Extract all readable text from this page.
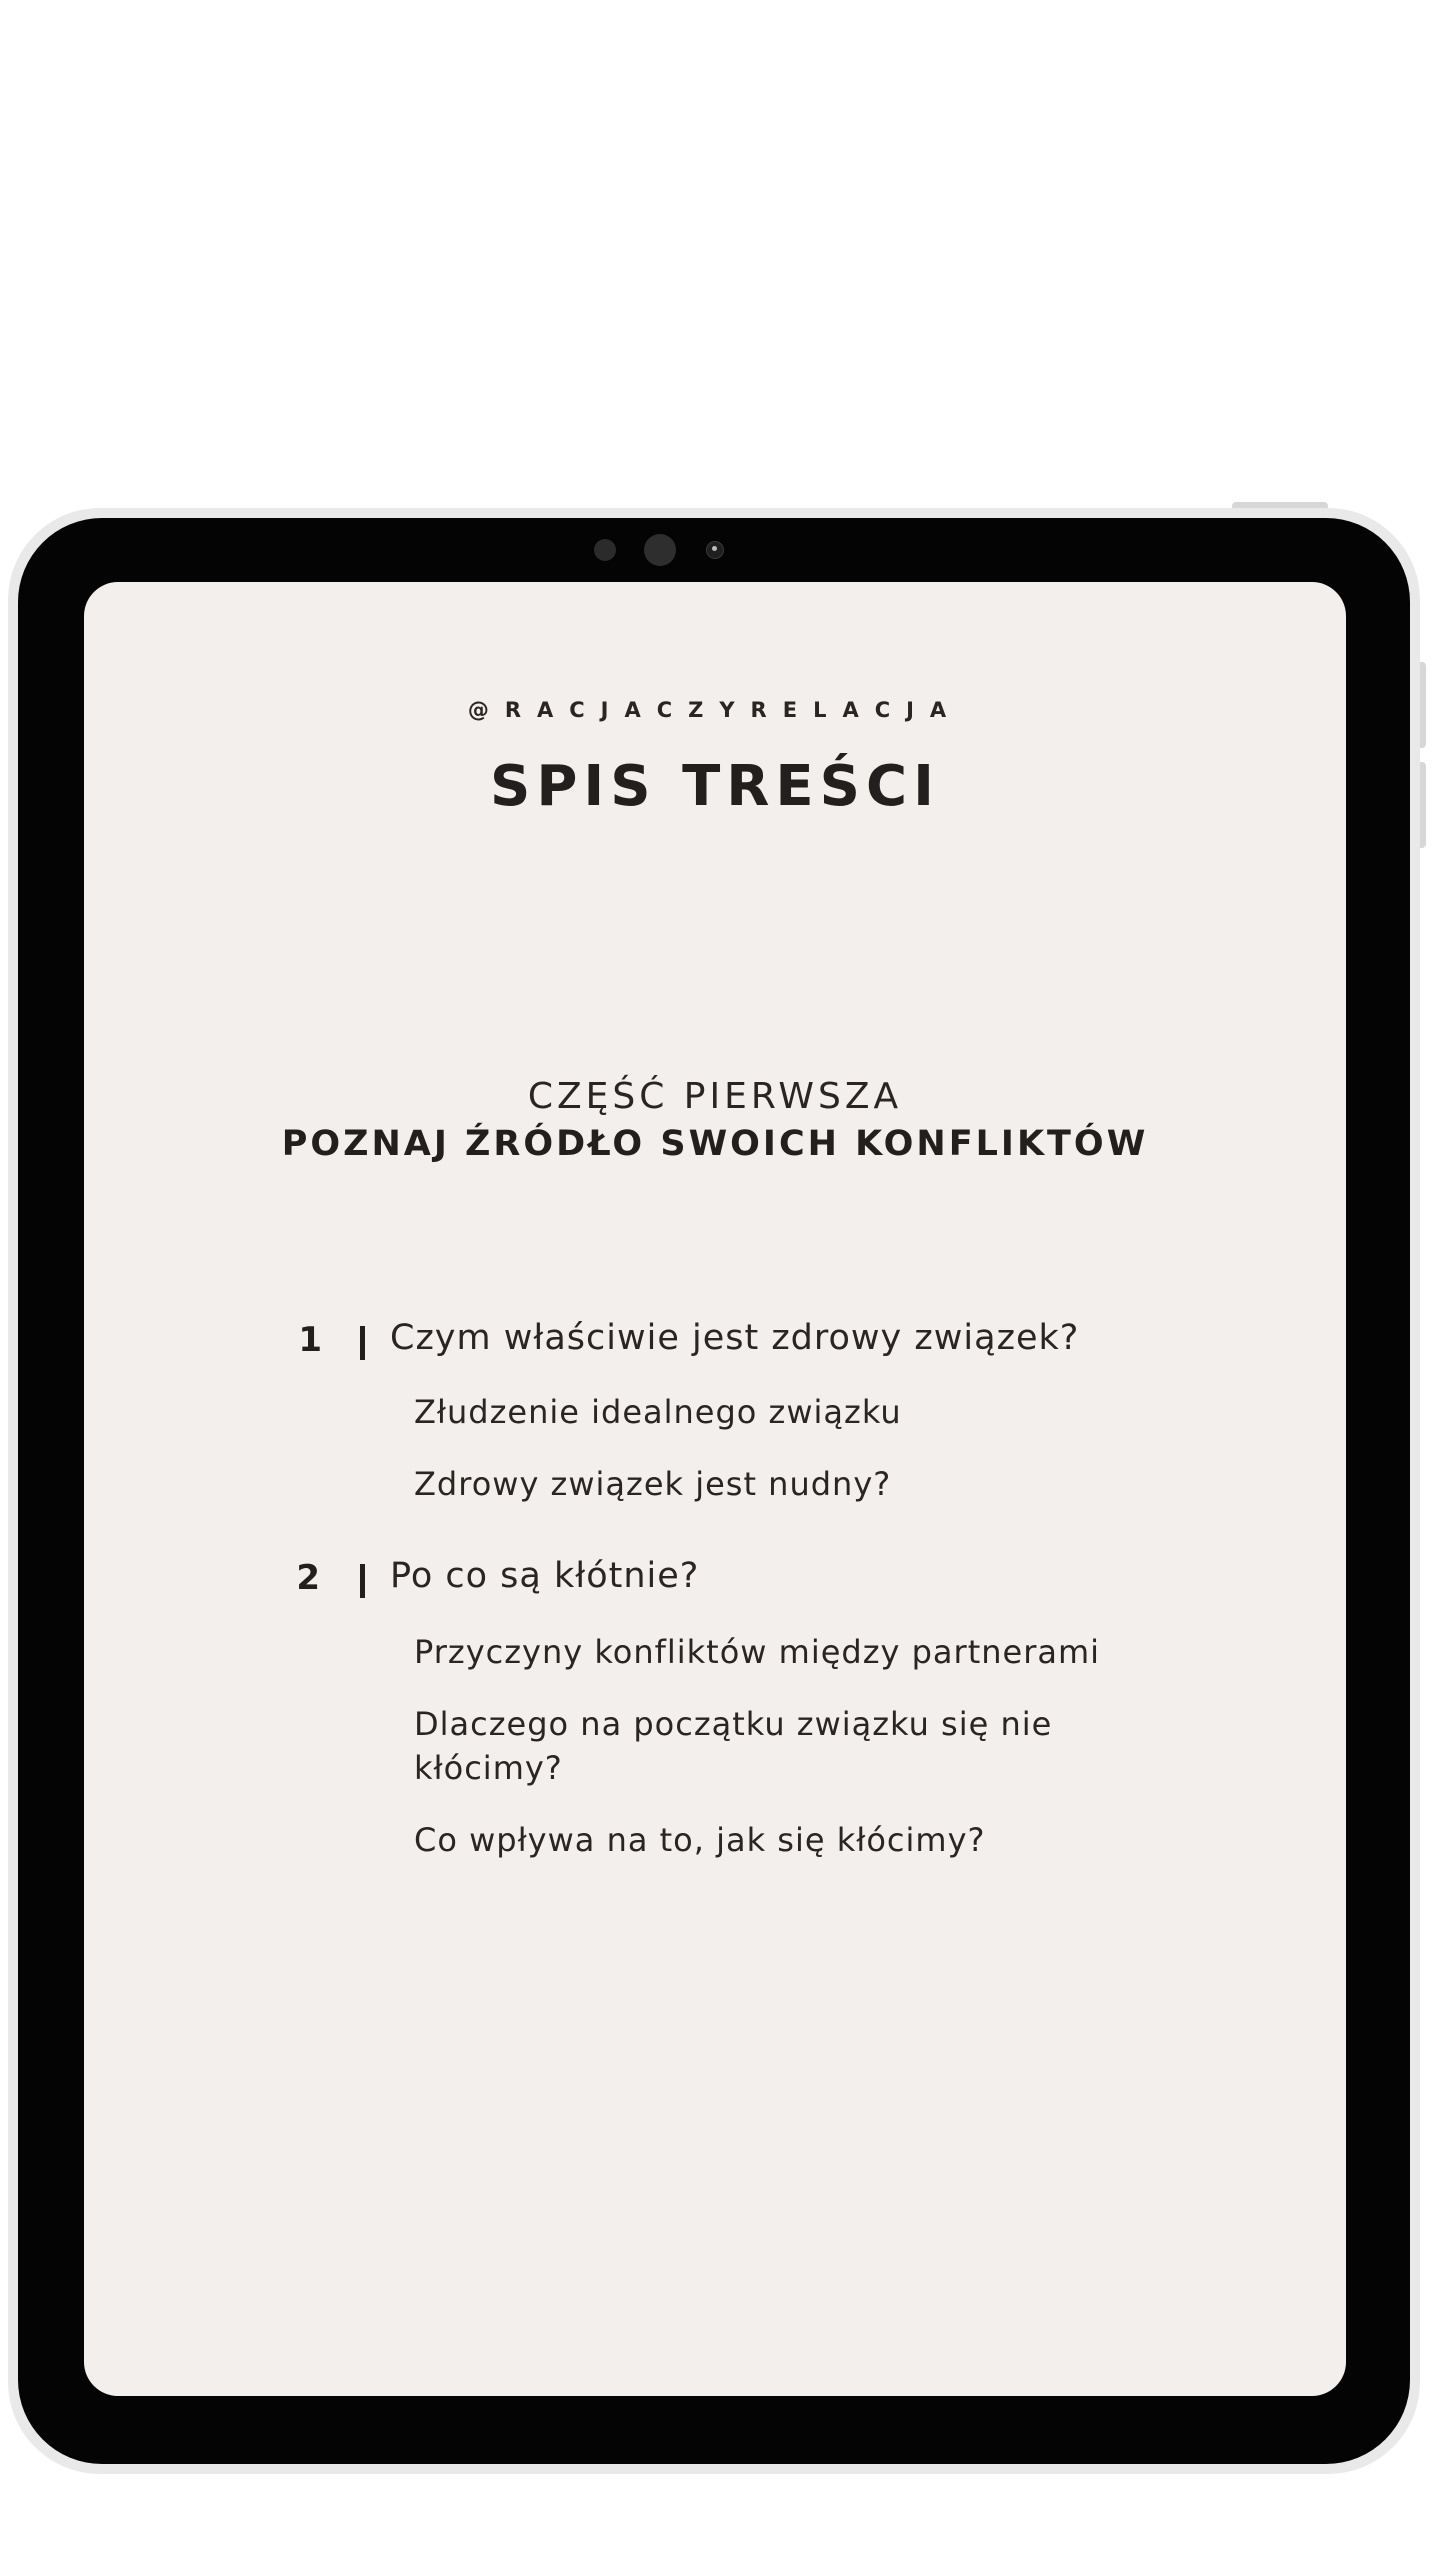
@RACJACZYRELACJA
SPIS TREŚCI
CZĘŚĆ PIERWSZA
POZNAJ ŹRÓDŁO SWOICH KONFLIKTÓW
1 Czym właściwie jest zdrowy związek?
Złudzenie idealnego związku
Zdrowy związek jest nudny?
2 Po co są kłótnie?
Przyczyny konfliktów między partnerami
Dlaczego na początku związku się nie kłócimy?
Co wpływa na to, jak się kłócimy?
